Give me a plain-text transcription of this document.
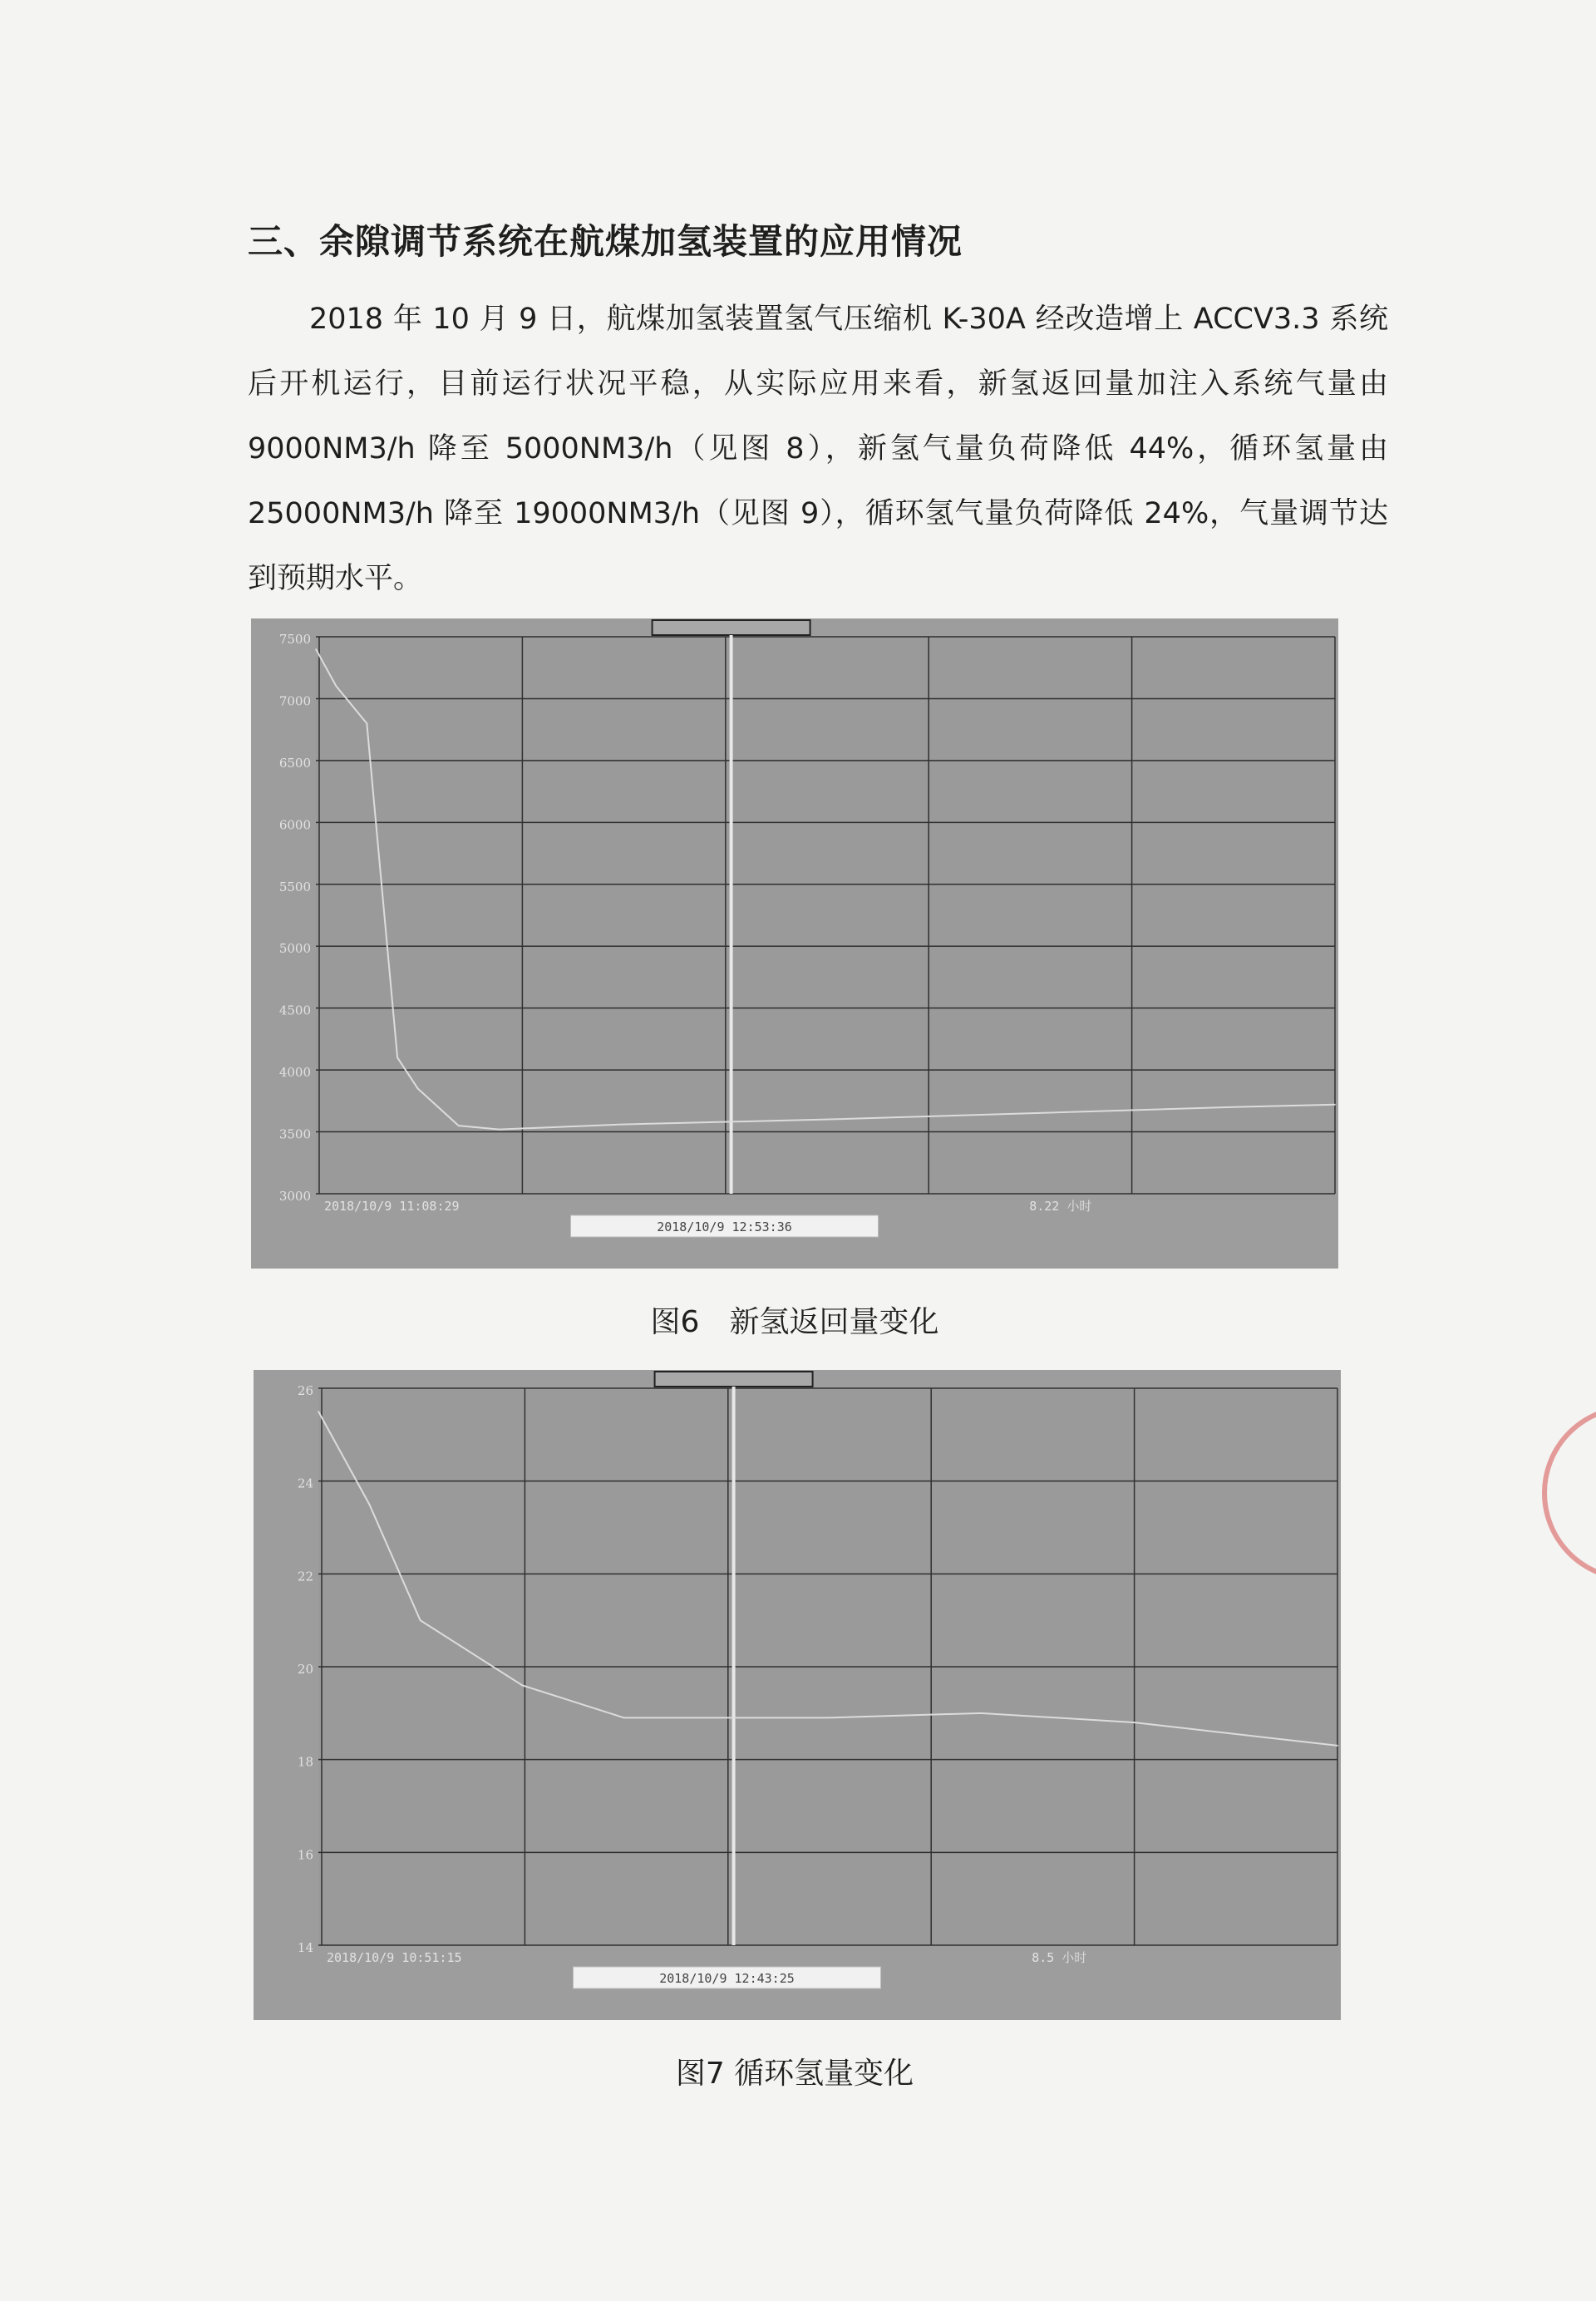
三、余隙调节系统在航煤加氢装置的应用情况
2018 年 10 月 9 日，航煤加氢装置氢气压缩机 K-30A 经改造增上 ACCV3.3 系统后开机运行，目前运行状况平稳，从实际应用来看，新氢返回量加注入系统气量由 9000NM3/h 降至 5000NM3/h（见图 8），新氢气量负荷降低 44%，循环氢量由 25000NM3/h 降至 19000NM3/h（见图 9），循环氢气量负荷降低 24%，气量调节达到预期水平。
3000
3500
4000
4500
5000
5500
6000
6500
7000
7500
2018/10/9 11:08:29	8.22 小时
2018/10/9 12:53:36
图6　新氢返回量变化
14
16
18
20
22
24
26
2018/10/9 10:51:15	8.5 小时
2018/10/9 12:43:25
图7 循环氢量变化
